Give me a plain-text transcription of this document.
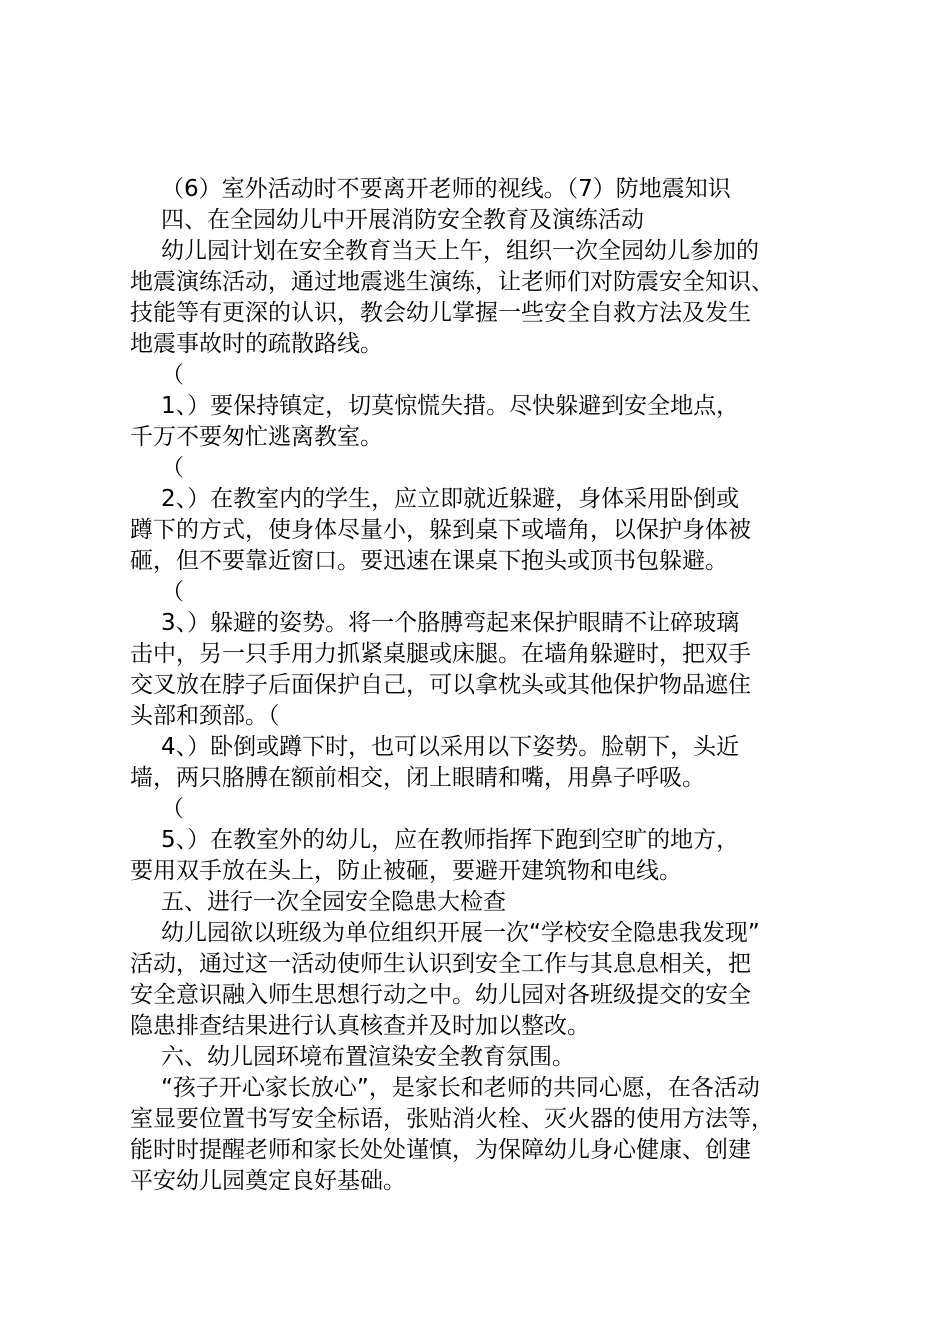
（6）室外活动时不要离开老师的视线。（7）防地震知识
四、在全园幼儿中开展消防安全教育及演练活动
幼儿园计划在安全教育当天上午，组织一次全园幼儿参加的
地震演练活动，通过地震逃生演练，让老师们对防震安全知识、
技能等有更深的认识，教会幼儿掌握一些安全自救方法及发生
地震事故时的疏散路线。
（
1、）要保持镇定，切莫惊慌失措。尽快躲避到安全地点，
千万不要匆忙逃离教室。
（
2、）在教室内的学生，应立即就近躲避，身体采用卧倒或
蹲下的方式，使身体尽量小，躲到桌下或墙角，以保护身体被
砸，但不要靠近窗口。要迅速在课桌下抱头或顶书包躲避。
（
3、）躲避的姿势。将一个胳膊弯起来保护眼睛不让碎玻璃
击中，另一只手用力抓紧桌腿或床腿。在墙角躲避时，把双手
交叉放在脖子后面保护自己，可以拿枕头或其他保护物品遮住
头部和颈部。（
4、）卧倒或蹲下时，也可以采用以下姿势。脸朝下，头近
墙，两只胳膊在额前相交，闭上眼睛和嘴，用鼻子呼吸。
（
5、）在教室外的幼儿，应在教师指挥下跑到空旷的地方，
要用双手放在头上，防止被砸，要避开建筑物和电线。
五、进行一次全园安全隐患大检查
幼儿园欲以班级为单位组织开展一次“学校安全隐患我发现”
活动，通过这一活动使师生认识到安全工作与其息息相关，把
安全意识融入师生思想行动之中。幼儿园对各班级提交的安全
隐患排查结果进行认真核查并及时加以整改。
六、幼儿园环境布置渲染安全教育氛围。
“孩子开心家长放心”，是家长和老师的共同心愿，在各活动
室显要位置书写安全标语，张贴消火栓、灭火器的使用方法等，
能时时提醒老师和家长处处谨慎，为保障幼儿身心健康、创建
平安幼儿园奠定良好基础。
